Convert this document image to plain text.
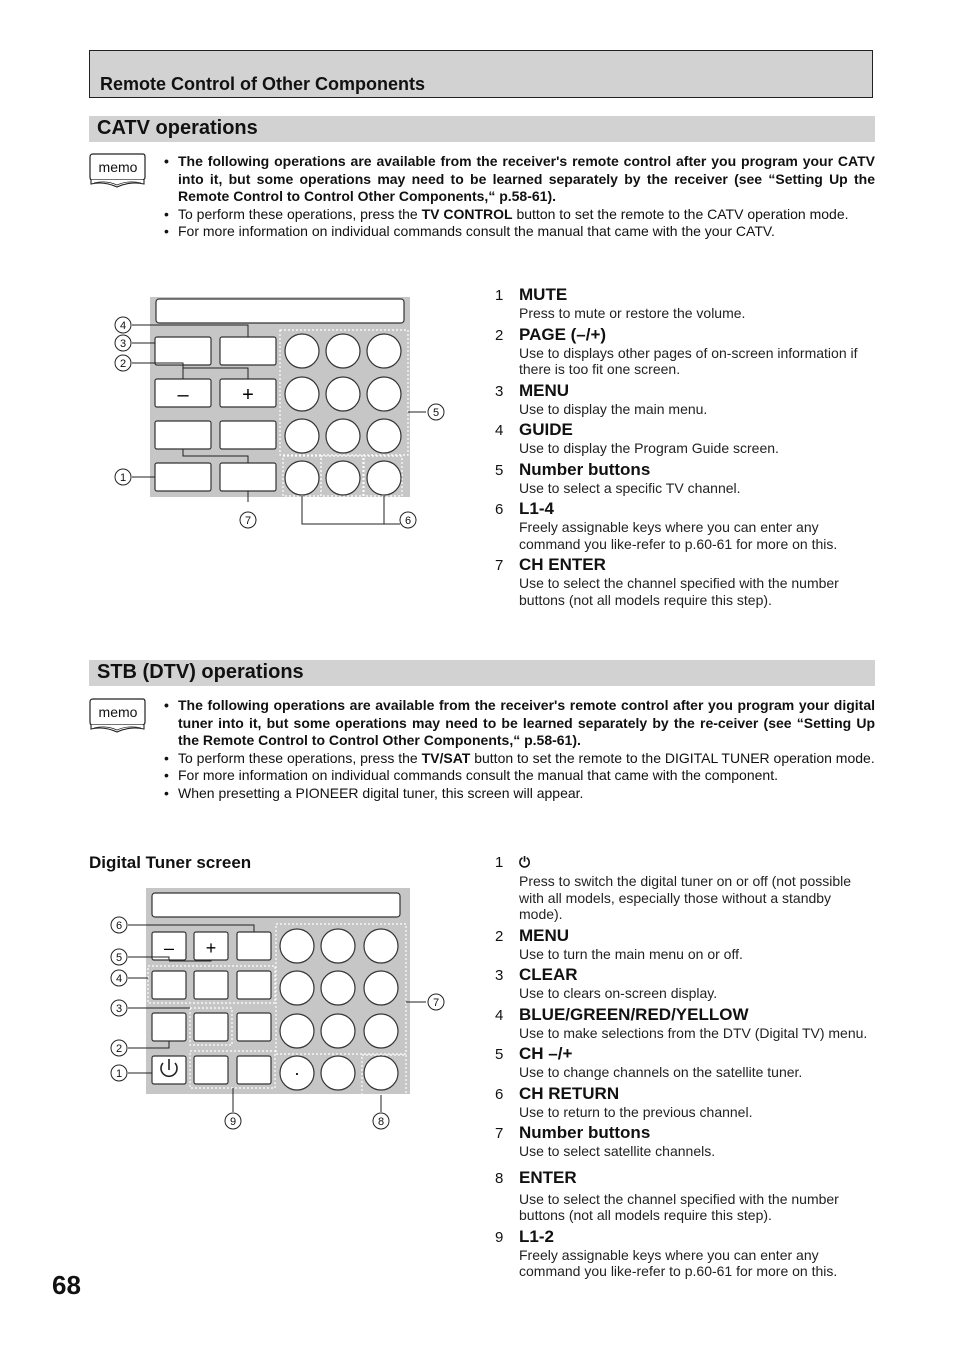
Remote Control of Other Components
CATV operations
memo	• The following operations are available from the receiver's remote control after you program your CATV into it, but some operations may need to be learned separately by the receiver (see “Setting Up the Remote Control to Control Other Components,“ p.58-61).
• To perform these operations, press the TV CONTROL button to set the remote to the CATV operation mode.
• For more information on individual commands consult the manual that came with the your CATV.
–	+
4
3
2
5
1
7	6
1 MUTE
Press to mute or restore the volume.
2 PAGE (–/+)
Use to displays other pages of on-screen information if there is too fit one screen.
3 MENU
Use to display the main menu.
4 GUIDE
Use to display the Program Guide screen.
5 Number buttons
Use to select a specific TV channel.
6 L1-4
Freely assignable keys where you can enter any command you like-refer to p.60-61 for more on this.
7 CH ENTER
Use to select the channel specified with the number buttons (not all models require this step).
STB (DTV) operations
memo	• The following operations are available from the receiver's remote control after you program your digital tuner into it, but some operations may need to be learned separately by the re-ceiver (see “Setting Up the Remote Control to Control Other Components,“ p.58-61).
• To perform these operations, press the TV/SAT button to set the remote to the DIGITAL TUNER operation mode.
• For more information on individual commands consult the manual that came with the component.
• When presetting a PIONEER digital tuner, this screen will appear.
Digital Tuner screen
– +
·
6
5
4
3
2
1
7
9	8
1 ⏻
Press to switch the digital tuner on or off (not possible with all models, especially those without a standby mode).
2 MENU
Use to turn the main menu on or off.
3 CLEAR
Use to clears on-screen display.
4 BLUE/GREEN/RED/YELLOW
Use to make selections from the DTV (Digital TV) menu.
5 CH –/+
Use to change channels on the satellite tuner.
6 CH RETURN
Use to return to the previous channel.
7 Number buttons
Use to select satellite channels.
8 ENTER
Use to select the channel specified with the number buttons (not all models require this step).
9 L1-2
Freely assignable keys where you can enter any command you like-refer to p.60-61 for more on this.
68
